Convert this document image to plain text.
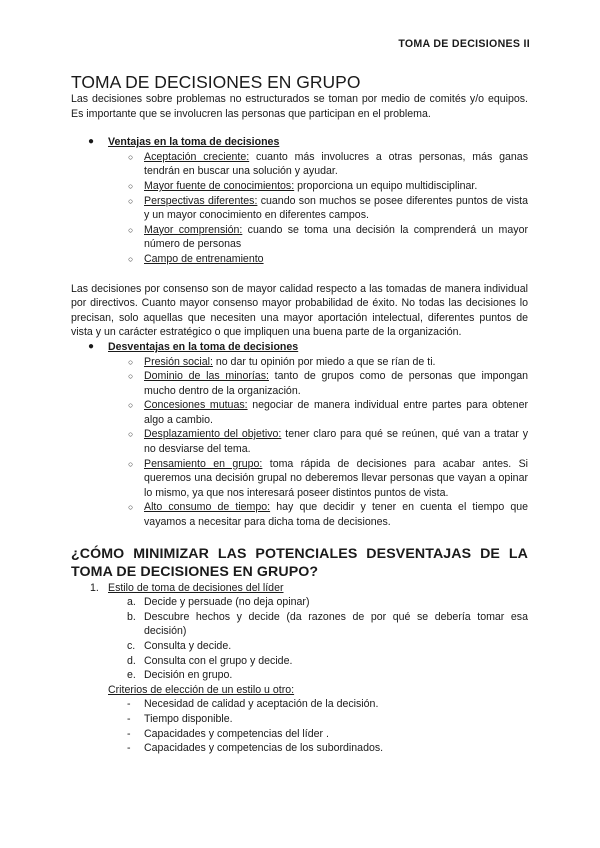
TOMA DE DECISIONES II
TOMA DE DECISIONES EN GRUPO

Las decisiones sobre problemas no estructurados se toman por medio de comités y/o equipos. Es importante que se involucren las personas que participan en el problema.

● Ventajas en la toma de decisiones
○ Aceptación creciente: cuanto más involucres a otras personas, más ganas tendrán en buscar una solución y ayudar.
○ Mayor fuente de conocimientos: proporciona un equipo multidisciplinar.
○ Perspectivas diferentes: cuando son muchos se posee diferentes puntos de vista y un mayor conocimiento en diferentes campos.
○ Mayor comprensión: cuando se toma una decisión la comprenderá un mayor número de personas
○ Campo de entrenamiento

Las decisiones por consenso son de mayor calidad respecto a las tomadas de manera individual por directivos. Cuanto mayor consenso mayor probabilidad de éxito. No todas las decisiones lo precisan, solo aquellas que necesiten una mayor aportación intelectual, diferentes puntos de vista y un carácter estratégico o que impliquen una buena parte de la organización.

● Desventajas en la toma de decisiones
○ Presión social: no dar tu opinión por miedo a que se rían de ti.
○ Dominio de las minorías: tanto de grupos como de personas que impongan mucho dentro de la organización.
○ Concesiones mutuas: negociar de manera individual entre partes para obtener algo a cambio.
○ Desplazamiento del objetivo: tener claro para qué se reúnen, qué van a tratar y no desviarse del tema.
○ Pensamiento en grupo: toma rápida de decisiones para acabar antes. Si queremos una decisión grupal no deberemos llevar personas que vayan a opinar lo mismo, ya que nos interesará poseer distintos puntos de vista.
○ Alto consumo de tiempo: hay que decidir y tener en cuenta el tiempo que vayamos a necesitar para dicha toma de decisiones.
¿CÓMO MINIMIZAR LAS POTENCIALES DESVENTAJAS DE LA TOMA DE DECISIONES EN GRUPO?
1. Estilo de toma de decisiones del líder
a. Decide y persuade (no deja opinar)
b. Descubre hechos y decide (da razones de por qué se debería tomar esa decisión)
c. Consulta y decide.
d. Consulta con el grupo y decide.
e. Decisión en grupo.
Criterios de elección de un estilo u otro:
- Necesidad de calidad y aceptación de la decisión.
- Tiempo disponible.
- Capacidades y competencias del líder .
- Capacidades y competencias de los subordinados.
